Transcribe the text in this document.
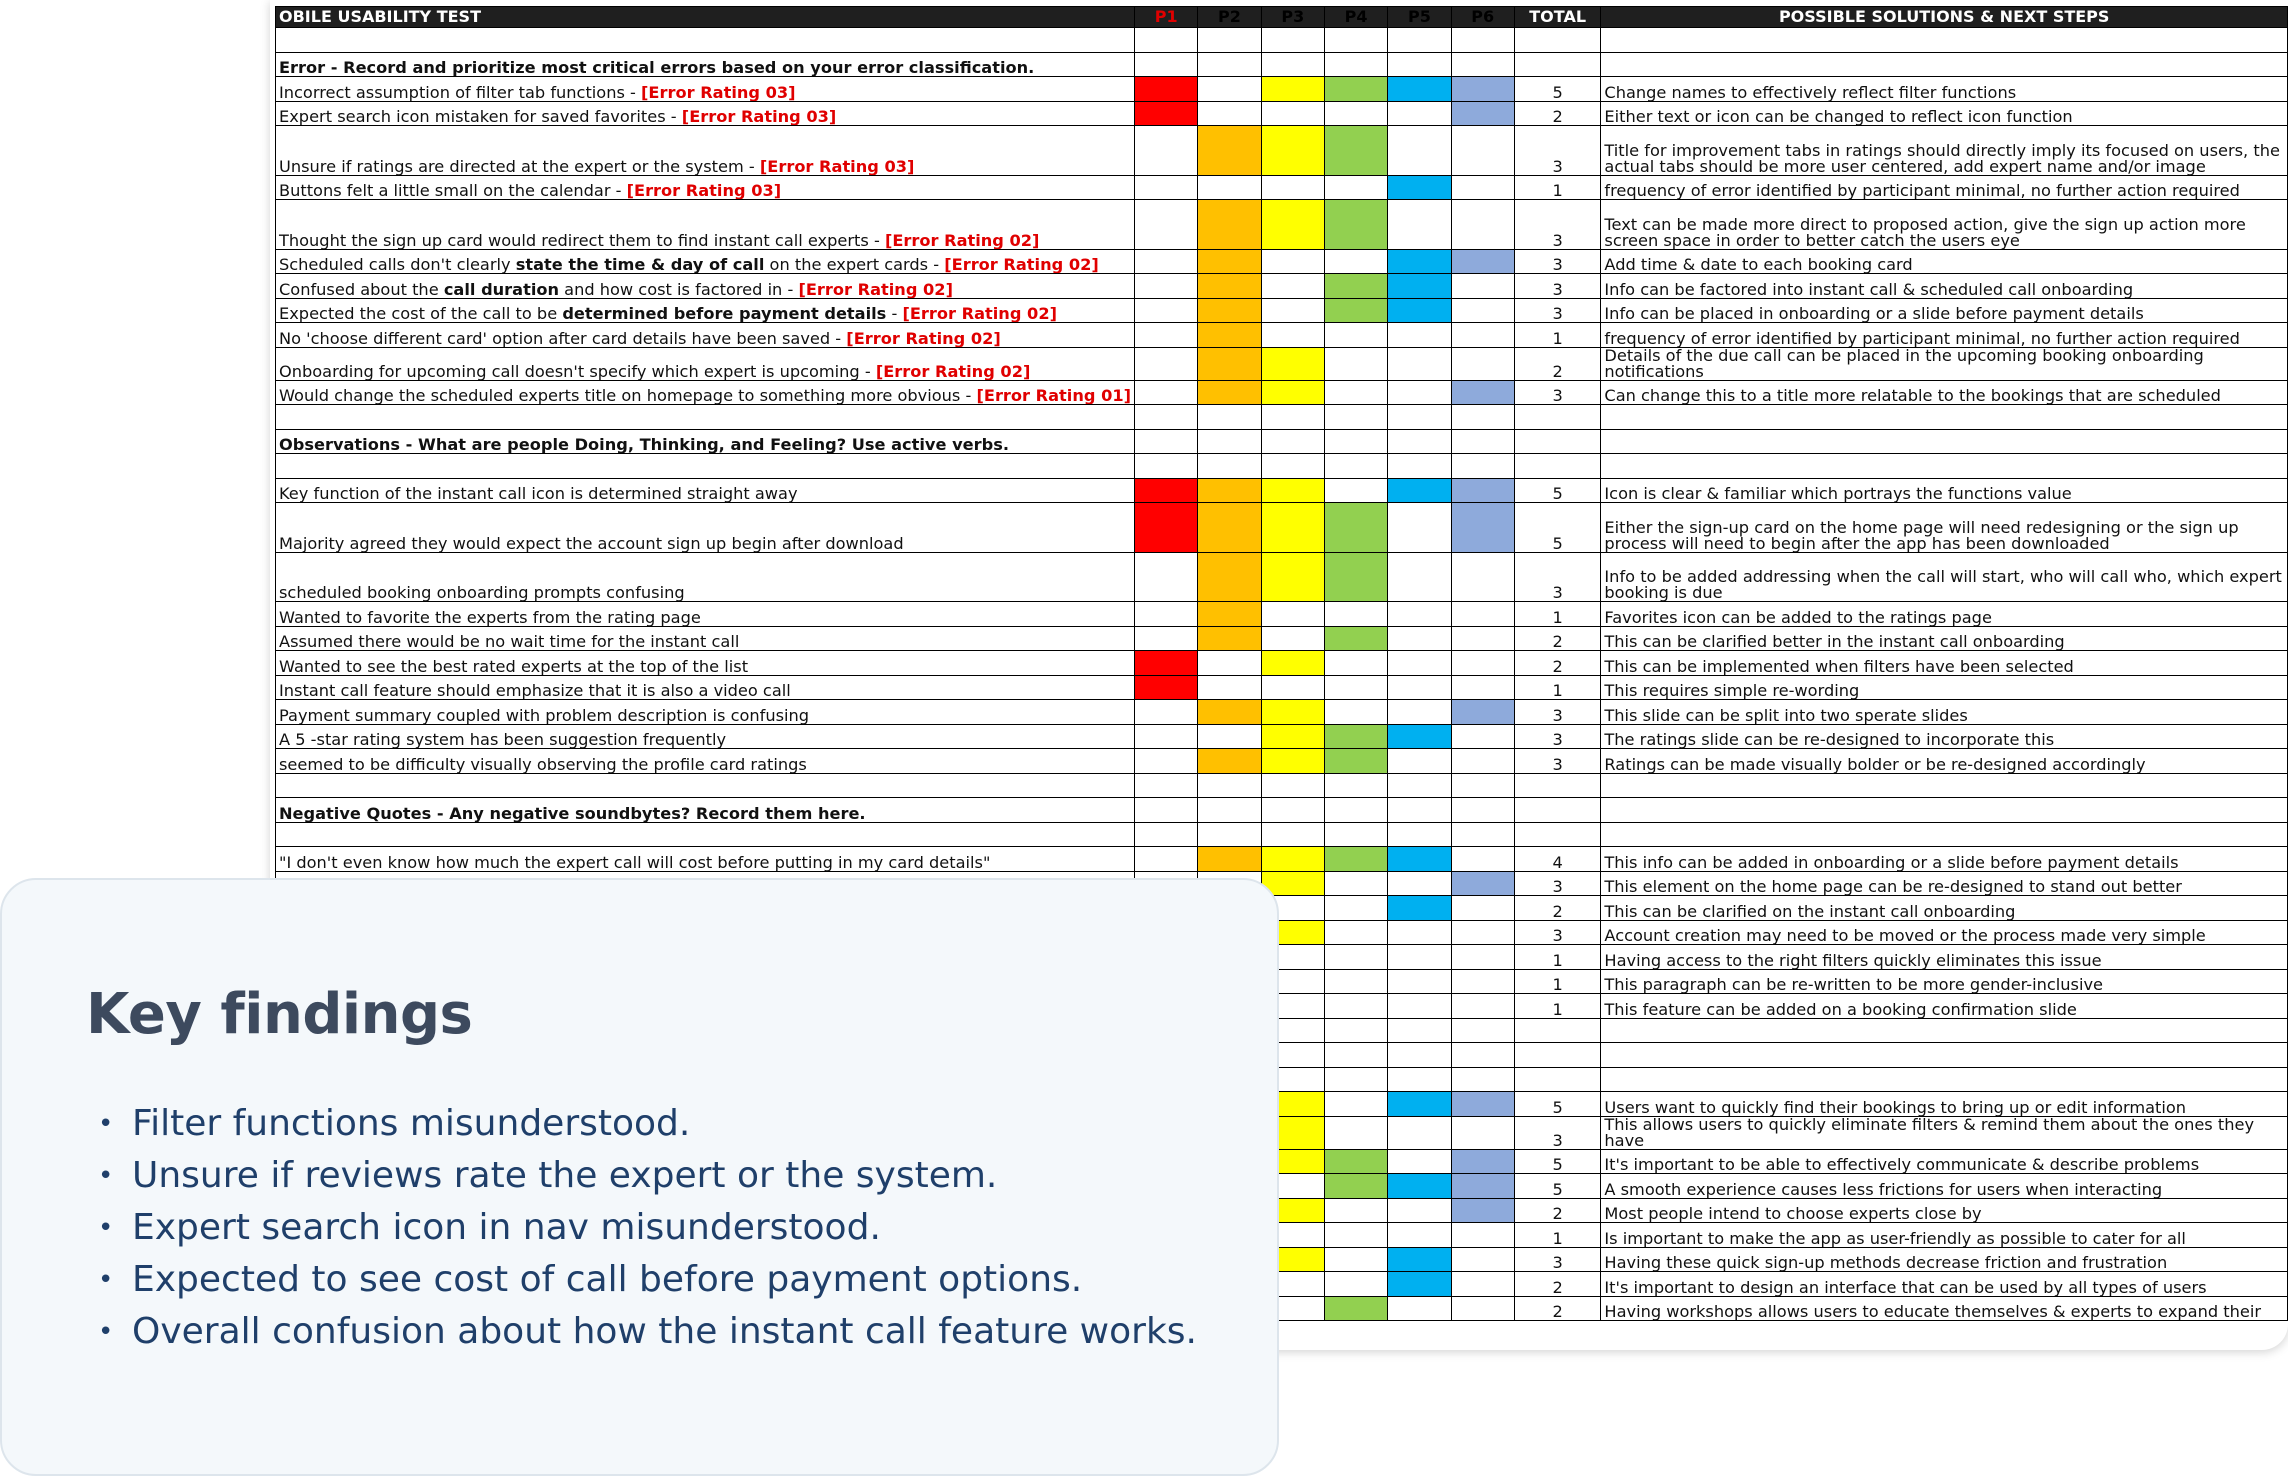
OBILE USABILITY TEST	P1	P2	P3	P4	P5	P6	TOTAL	POSSIBLE SOLUTIONS & NEXT STEPS

Error - Record and prioritize most critical errors based on your error classification.								
Incorrect assumption of filter tab functions - [Error Rating 03]							5	Change names to effectively reflect filter functions
Expert search icon mistaken for saved favorites - [Error Rating 03]							2	Either text or icon can be changed to reflect icon function
Unsure if ratings are directed at the expert or the system - [Error Rating 03]							3	Title for improvement tabs in ratings should directly imply its focused on users, the actual tabs should be more user centered, add expert name and/or image
Buttons felt a little small on the calendar - [Error Rating 03]							1	frequency of error identified by participant minimal, no further action required
Thought the sign up card would redirect them to find instant call experts - [Error Rating 02]							3	Text can be made more direct to proposed action, give the sign up action more screen space in order to better catch the users eye
Scheduled calls don't clearly state the time & day of call on the expert cards - [Error Rating 02]							3	Add time & date to each booking card
Confused about the call duration and how cost is factored in - [Error Rating 02]							3	Info can be factored into instant call & scheduled call onboarding
Expected the cost of the call to be determined before payment details - [Error Rating 02]							3	Info can be placed in onboarding or a slide before payment details
No 'choose different card' option after card details have been saved - [Error Rating 02]							1	frequency of error identified by participant minimal, no further action required
Onboarding for upcoming call doesn't specify which expert is upcoming - [Error Rating 02]							2	Details of the due call can be placed in the upcoming booking onboarding notifications
Would change the scheduled experts title on homepage to something more obvious - [Error Rating 01]							3	Can change this to a title more relatable to the bookings that are scheduled

Observations - What are people Doing, Thinking, and Feeling? Use active verbs.								

Key function of the instant call icon is determined straight away							5	Icon is clear & familiar which portrays the functions value
Majority agreed they would expect the account sign up begin after download							5	Either the sign-up card on the home page will need redesigning or the sign up process will need to begin after the app has been downloaded
scheduled booking onboarding prompts confusing							3	Info to be added addressing when the call will start, who will call who, which expert booking is due
Wanted to favorite the experts from the rating page							1	Favorites icon can be added to the ratings page
Assumed there would be no wait time for the instant call							2	This can be clarified better in the instant call onboarding
Wanted to see the best rated experts at the top of the list							2	This can be implemented when filters have been selected
Instant call feature should emphasize that it is also a video call							1	This requires simple re-wording
Payment summary coupled with problem description is confusing							3	This slide can be split into two sperate slides
A 5 -star rating system has been suggestion frequently							3	The ratings slide can be re-designed to incorporate this
seemed to be difficulty visually observing the profile card ratings							3	Ratings can be made visually bolder or be re-designed accordingly

Negative Quotes - Any negative soundbytes? Record them here.								

"I don't even know how much the expert call will cost before putting in my card details"							4	This info can be added in onboarding or a slide before payment details
							3	This element on the home page can be re-designed to stand out better
							2	This can be clarified on the instant call onboarding
							3	Account creation may need to be moved or the process made very simple
							1	Having access to the right filters quickly eliminates this issue
							1	This paragraph can be re-written to be more gender-inclusive
							1	This feature can be added on a booking confirmation slide

							5	Users want to quickly find their bookings to bring up or edit information
							3	This allows users to quickly eliminate filters & remind them about the ones they have
							5	It's important to be able to effectively communicate & describe problems
							5	A smooth experience causes less frictions for users when interacting
							2	Most people intend to choose experts close by
							1	Is important to make the app as user-friendly as possible to cater for all
							3	Having these quick sign-up methods decrease friction and frustration
							2	It's important to design an interface that can be used by all types of users
							2	Having workshops allows users to educate themselves & experts to expand their
Key findings
• Filter functions misunderstood.
• Unsure if reviews rate the expert or the system.
• Expert search icon in nav misunderstood.
• Expected to see cost of call before payment options.
• Overall confusion about how the instant call feature works.
